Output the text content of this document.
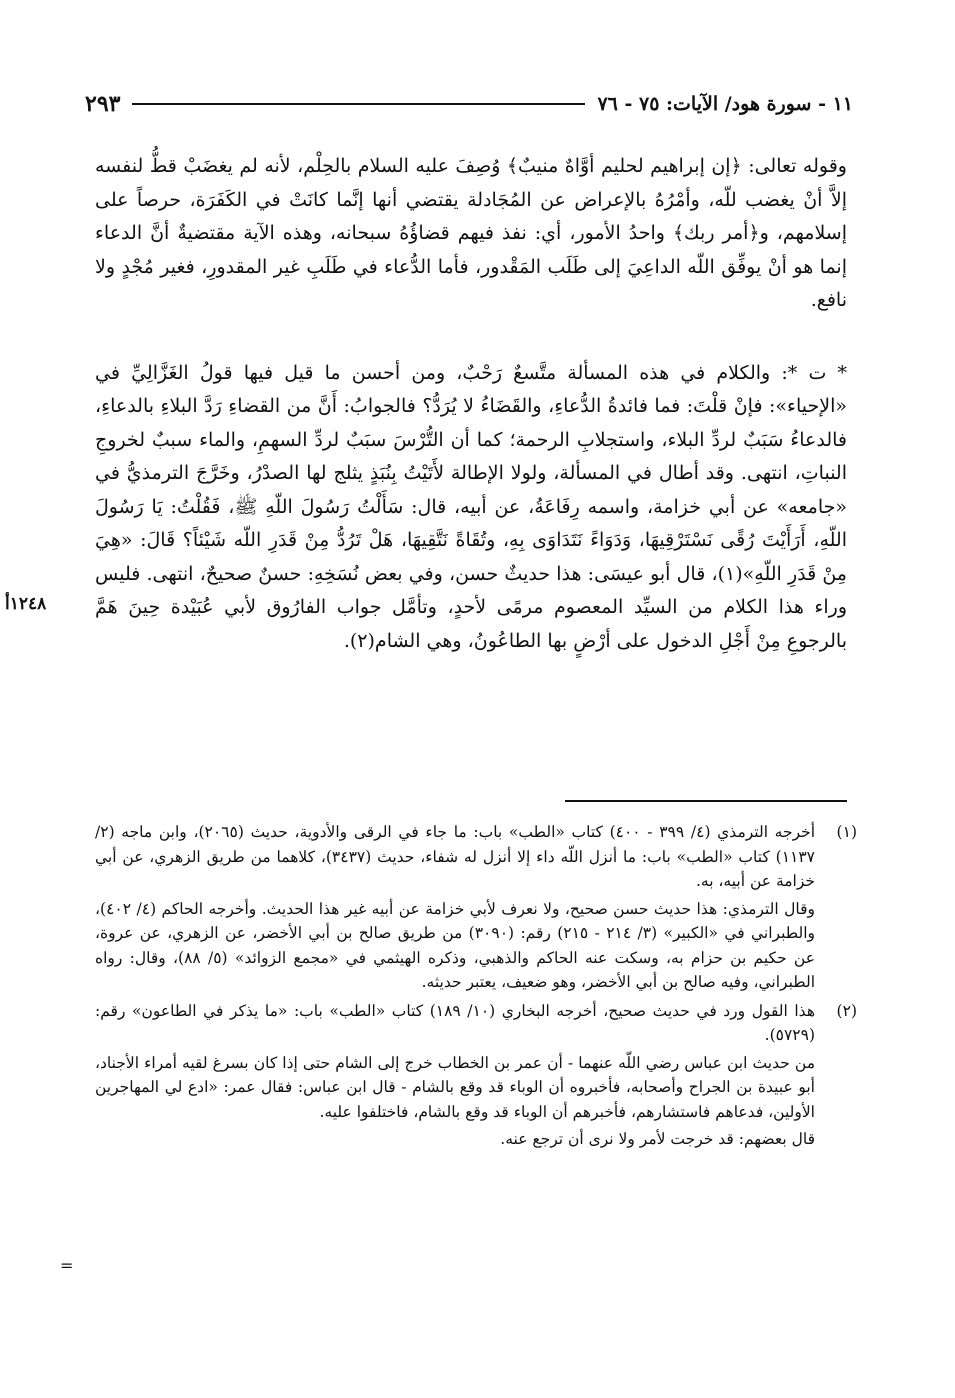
١١ - سورة هود/ الآيات: ٧٥ - ٧٦
٢٩٣

وقوله تعالى: ﴿إن إبراهيم لحليم أوَّاهٌ منيبٌ﴾ وُصِفَ عليه السلام بالحِلْم، لأنه لم يغضَبْ قطُّ لنفسه إلاَّ أنْ يغضب للّه، وأمْرُهُ بالإعراض عن المُجَادلة يقتضي أنها إنَّما كانَتْ في الكَفَرَة، حرصاً على إسلامهم، و﴿أمر ربك﴾ واحدُ الأمور، أي: نفذ فيهم قضاؤُهُ سبحانه، وهذه الآية مقتضيةٌ أنَّ الدعاء إنما هو أنْ يوفِّق اللّه الداعِيَ إلى طَلَب المَقْدور، فأما الدُّعاء في طَلَبِ غير المقدورِ، فغير مُجْدٍ ولا نافع.

* ت *: والكلام في هذه المسألة متَّسعٌ رَحْبٌ، ومن أحسن ما قيل فيها قولُ الغَزَّالِيِّ في «الإحياء»: فإنْ قلْتَ: فما فائدةُ الدُّعاءِ، والقَضَاءُ لا يُرَدُّ؟ فالجوابُ: أَنَّ من القضاءِ رَدَّ البلاءِ بالدعاءِ، فالدعاءُ سَبَبٌ لردِّ البلاء، واستجلابِ الرحمة؛ كما أن التُّرْسَ سبَبٌ لردِّ السهمِ، والماء سببٌ لخروجِ النباتِ، انتهى. وقد أطال في المسألة، ولولا الإطالة لأَتَيْتُ بِنُبَذٍ يثلج لها الصدْرُ، وخَرَّجَ الترمذيُّ في «جامعه» عن أبي خزامة، واسمه رِفَاعَةُ، عن أبيه، قال: سَأَلْتُ رَسُولَ اللّهِ ﷺ، فَقُلْتُ: يَا رَسُولَ اللّهِ، أَرَأَيْتَ رُقًى نَسْتَرْقِيهَا، وَدَوَاءً نَتَدَاوَى بِهِ، وتُقَاةً نَتَّقِيهَا، هَلْ تَرُدُّ مِنْ قَدَرِ اللّه شَيْئاً؟ قَالَ: «هِيَ مِنْ قَدَرِ اللّهِ»(١)، قال أبو عيسَى: هذا حديثٌ حسن، وفي بعض نُسَخِهِ: حسنٌ صحيحٌ، انتهى. فليس وراء هذا الكلام من السيِّد المعصوم مرمًى لأحدٍ، وتأمَّل جواب الفارُوق لأبي عُبَيْدة حِينَ هَمَّ بالرجوعِ مِنْ أَجْلِ الدخول على أرْضٍ بها الطاعُونُ، وهي الشام(٢).

١٢٤٨أ
(١)

أخرجه الترمذي (٤/ ٣٩٩ - ٤٠٠) كتاب «الطب» باب: ما جاء في الرقى والأدوية، حديث (٢٠٦٥)، وابن ماجه (٢/ ١١٣٧) كتاب «الطب» باب: ما أنزل اللّه داء إلا أنزل له شفاء، حديث (٣٤٣٧)، كلاهما من طريق الزهري، عن أبي خزامة عن أبيه، به.

وقال الترمذي: هذا حديث حسن صحيح، ولا نعرف لأبي خزامة عن أبيه غير هذا الحديث. وأخرجه الحاكم (٤/ ٤٠٢)، والطبراني في «الكبير» (٣/ ٢١٤ - ٢١٥) رقم: (٣٠٩٠) من طريق صالح بن أبي الأخضر، عن الزهري، عن عروة، عن حكيم بن حزام به، وسكت عنه الحاكم والذهبي، وذكره الهيثمي في «مجمع الزوائد» (٥/ ٨٨)، وقال: رواه الطبراني، وفيه صالح بن أبي الأخضر، وهو ضعيف، يعتبر حديثه.

(٢)

هذا القول ورد في حديث صحيح، أخرجه البخاري (١٠/ ١٨٩) كتاب «الطب» باب: «ما يذكر في الطاعون» رقم: (٥٧٢٩).

من حديث ابن عباس رضي اللّه عنهما - أن عمر بن الخطاب خرج إلى الشام حتى إذا كان بسرغ لقيه أمراء الأجناد، أبو عبيدة بن الجراح وأصحابه، فأخبروه أن الوباء قد وقع بالشام - قال ابن عباس: فقال عمر: «ادع لي المهاجرين الأولين، فدعاهم فاستشارهم، فأخبرهم أن الوباء قد وقع بالشام، فاختلفوا عليه.

قال بعضهم: قد خرجت لأمر ولا نرى أن ترجع عنه.

=
